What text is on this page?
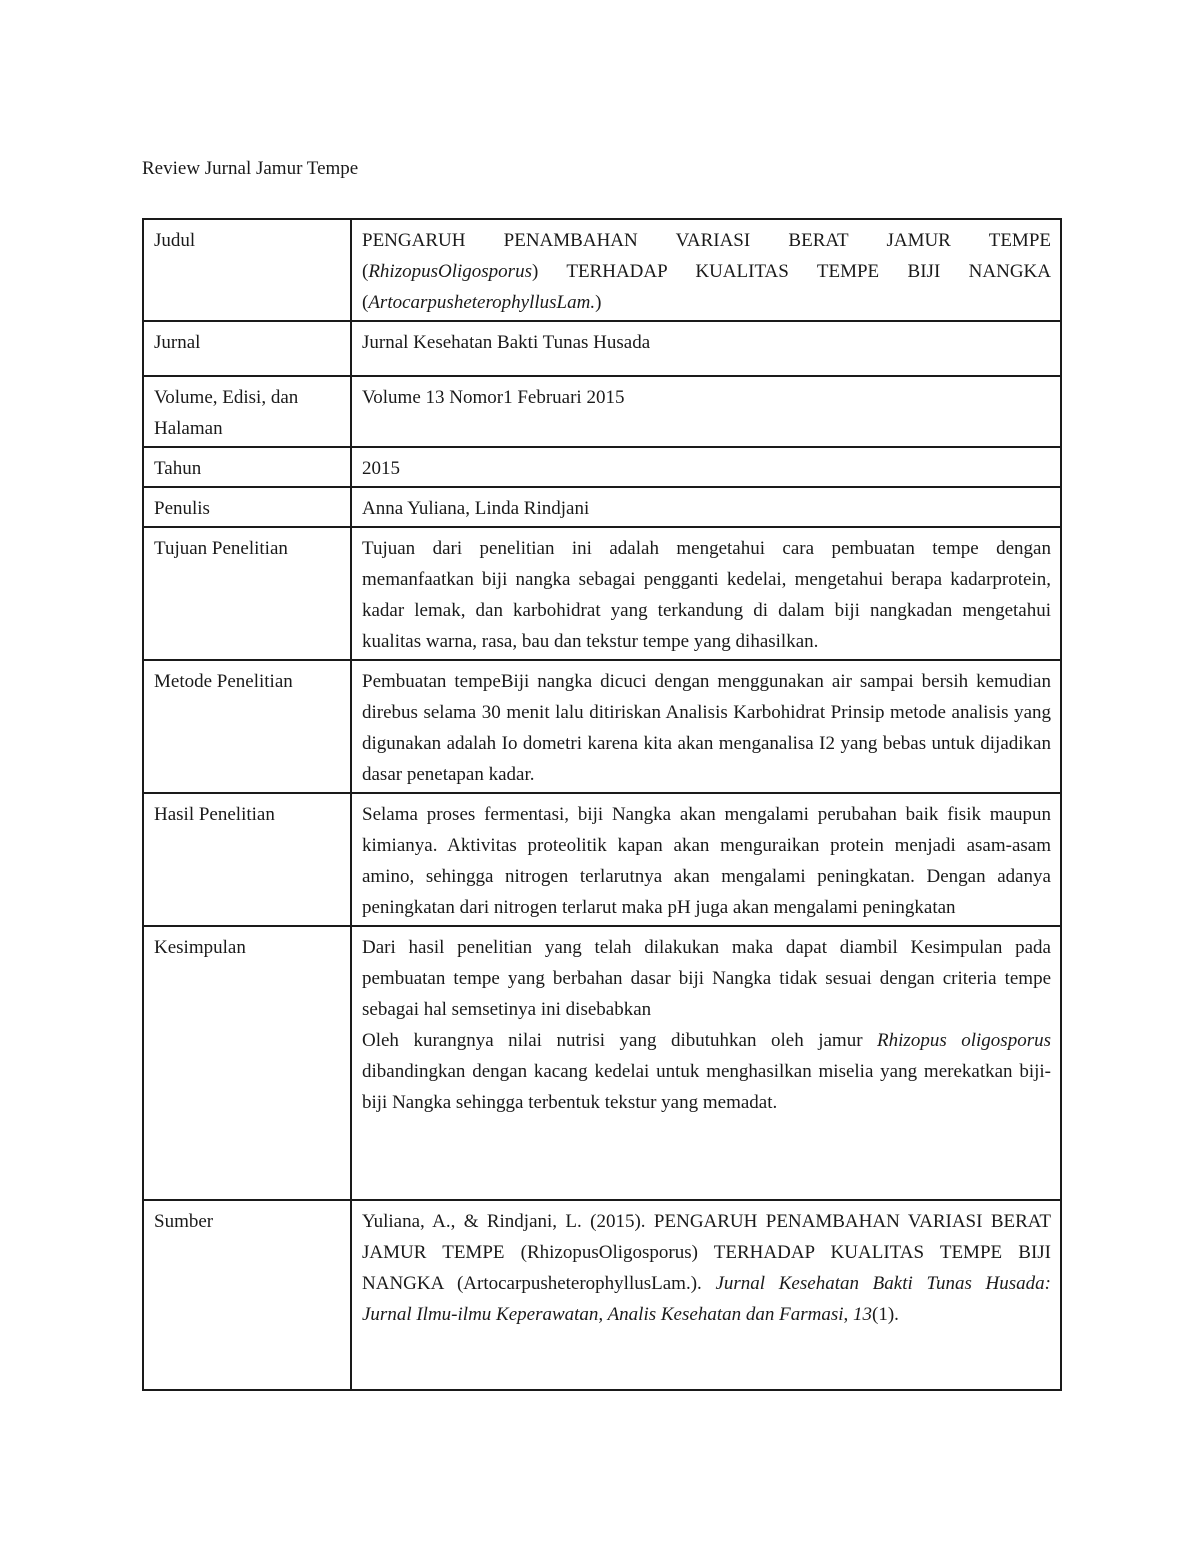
Review Jurnal Jamur Tempe
Judul	PENGARUH PENAMBAHAN VARIASI BERAT JAMUR TEMPE (RhizopusOligosporus) TERHADAP KUALITAS TEMPE BIJI NANGKA (ArtocarpusheterophyllusLam.)
Jurnal	Jurnal Kesehatan Bakti Tunas Husada
Volume, Edisi, dan Halaman	Volume 13 Nomor1 Februari 2015
Tahun	2015
Penulis	Anna Yuliana, Linda Rindjani
Tujuan Penelitian	Tujuan dari penelitian ini adalah mengetahui cara pembuatan tempe dengan memanfaatkan biji nangka sebagai pengganti kedelai, mengetahui berapa kadarprotein, kadar lemak, dan karbohidrat yang terkandung di dalam biji nangkadan mengetahui kualitas warna, rasa, bau dan tekstur tempe yang dihasilkan.
Metode Penelitian	Pembuatan tempeBiji nangka dicuci dengan menggunakan air sampai bersih kemudian direbus selama 30 menit lalu ditiriskan Analisis Karbohidrat Prinsip metode analisis yang digunakan adalah Io dometri karena kita akan menganalisa I2 yang bebas untuk dijadikan dasar penetapan kadar.
Hasil Penelitian	Selama proses fermentasi, biji Nangka akan mengalami perubahan baik fisik maupun kimianya. Aktivitas proteolitik kapan akan menguraikan protein menjadi asam-asam amino, sehingga nitrogen terlarutnya akan mengalami peningkatan. Dengan adanya peningkatan dari nitrogen terlarut maka pH juga akan mengalami peningkatan
Kesimpulan	Dari hasil penelitian yang telah dilakukan maka dapat diambil Kesimpulan pada pembuatan tempe yang berbahan dasar biji Nangka tidak sesuai dengan criteria tempe sebagai hal semsetinya ini disebabkan

Oleh kurangnya nilai nutrisi yang dibutuhkan oleh jamur Rhizopus oligosporus dibandingkan dengan kacang kedelai untuk menghasilkan miselia yang merekatkan biji-biji Nangka sehingga terbentuk tekstur yang memadat.

Sumber	Yuliana, A., & Rindjani, L. (2015). PENGARUH PENAMBAHAN VARIASI BERAT JAMUR TEMPE (RhizopusOligosporus) TERHADAP KUALITAS TEMPE BIJI NANGKA (ArtocarpusheterophyllusLam.). Jurnal Kesehatan Bakti Tunas Husada: Jurnal Ilmu-ilmu Keperawatan, Analis Kesehatan dan Farmasi, 13(1).
